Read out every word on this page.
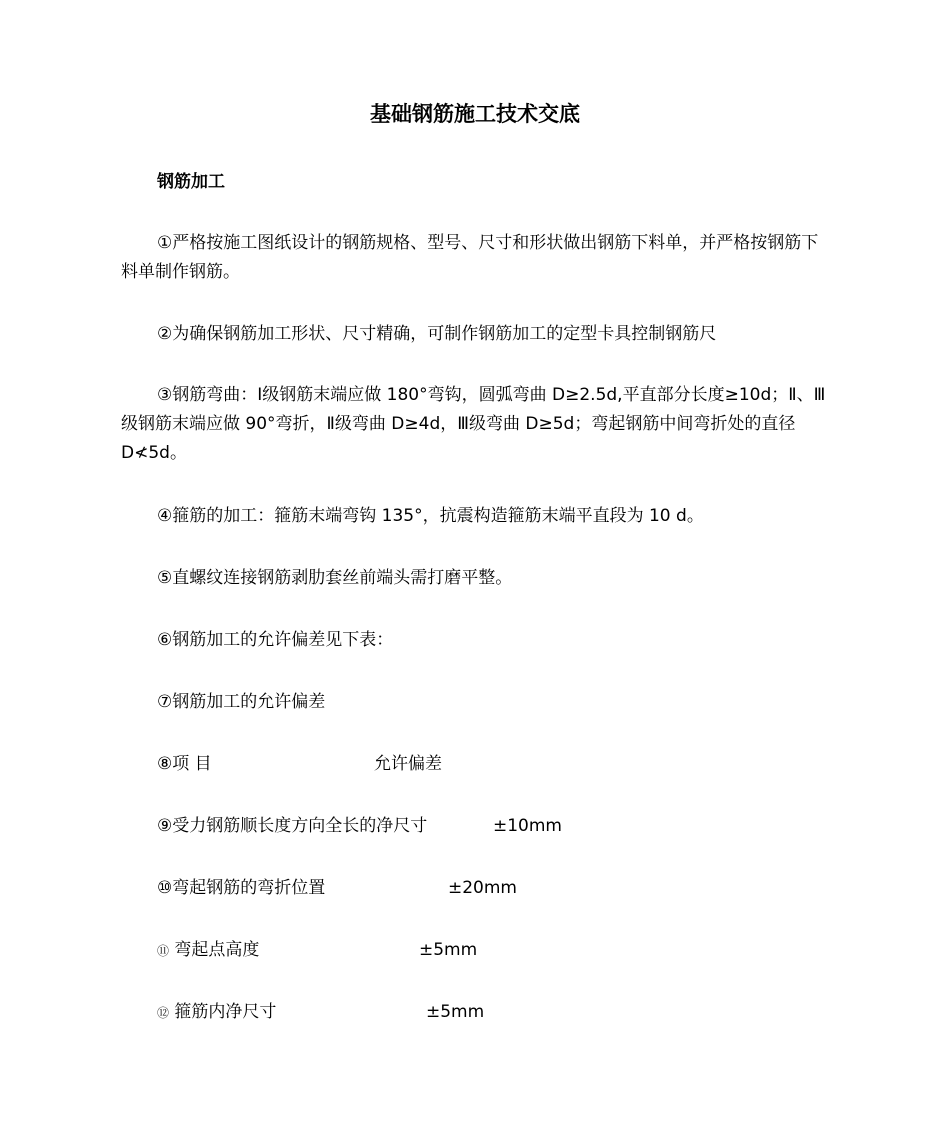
基础钢筋施工技术交底
钢筋加工

①严格按施工图纸设计的钢筋规格、型号、尺寸和形状做出钢筋下料单，并严格按钢筋下料单制作钢筋。

②为确保钢筋加工形状、尺寸精确，可制作钢筋加工的定型卡具控制钢筋尺

③钢筋弯曲：Ⅰ级钢筋末端应做 180°弯钩，圆弧弯曲 D≥2.5d,平直部分长度≥10d；Ⅱ、Ⅲ级钢筋末端应做 90°弯折，Ⅱ级弯曲 D≥4d，Ⅲ级弯曲 D≥5d；弯起钢筋中间弯折处的直径 D≮5d。

④箍筋的加工：箍筋末端弯钩 135°，抗震构造箍筋末端平直段为 10 d。

⑤直螺纹连接钢筋剥肋套丝前端头需打磨平整。

⑥钢筋加工的允许偏差见下表：

⑦钢筋加工的允许偏差

⑧项 目	允许偏差
⑨受力钢筋顺长度方向全长的净尺寸	±10mm
⑩弯起钢筋的弯折位置	±20mm
⑪ 弯起点高度	±5mm
⑫ 箍筋内净尺寸	±5mm
